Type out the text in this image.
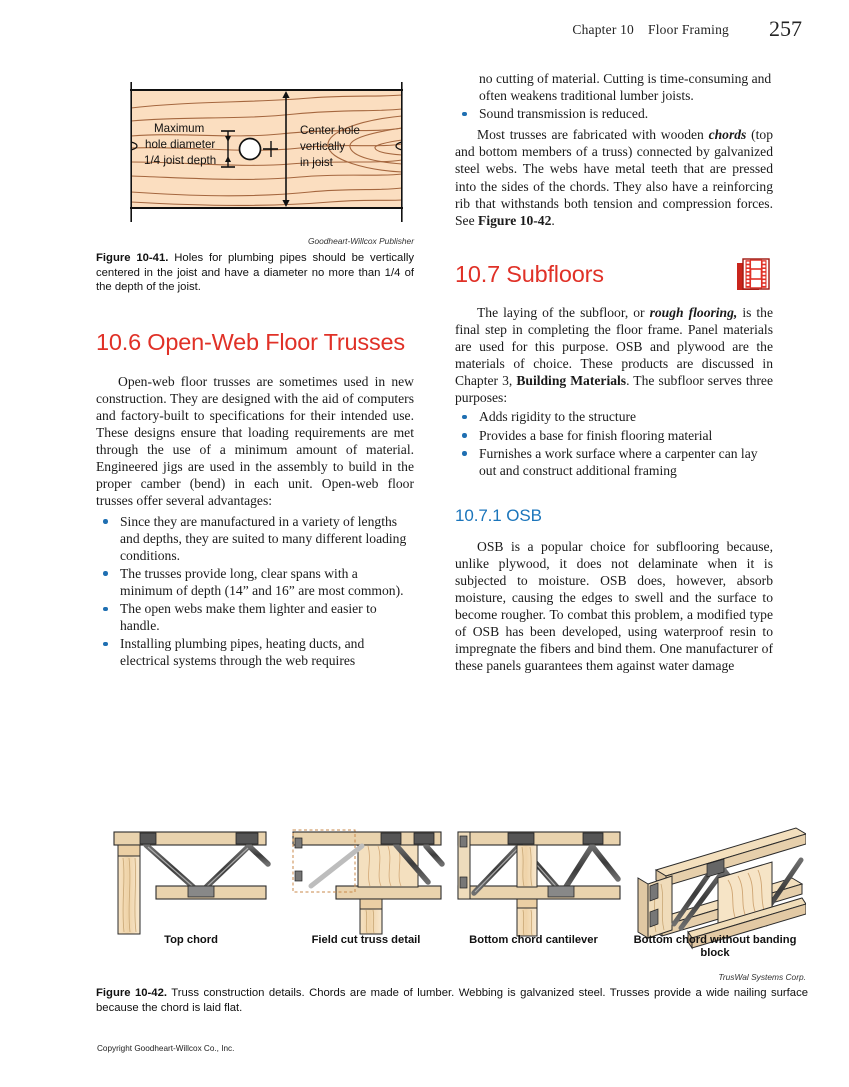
Chapter 10 Floor Framing 257
Maximum
hole diameter
1/4 joist depth
Center hole
vertically
in joist
Goodheart-Willcox Publisher
Figure 10-41. Holes for plumbing pipes should be vertically centered in the joist and have a diameter no more than 1/4 of the depth of the joist.
10.6 Open-Web Floor Trusses

Open-web floor trusses are sometimes used in new construction. They are designed with the aid of computers and factory-built to specifications for their intended use. These designs ensure that loading requirements are met through the use of a minimum amount of material. Engineered jigs are used in the assembly to build in the proper camber (bend) in each unit. Open-web floor trusses offer several advantages:

Since they are manufactured in a variety of lengths and depths, they are suited to many different loading conditions.
The trusses provide long, clear spans with a minimum of depth (14” and 16” are most common).
The open webs make them lighter and easier to handle.
Installing plumbing pipes, heating ducts, and electrical systems through the web requires
no cutting of material. Cutting is time-consuming and often weakens traditional lumber joists.
Sound transmission is reduced.

Most trusses are fabricated with wooden chords (top and bottom members of a truss) connected by galvanized steel webs. The webs have metal teeth that are pressed into the sides of the chords. They also have a reinforcing rib that withstands both tension and compression forces. See Figure 10-42.

10.7 Subfloors

The laying of the subfloor, or rough flooring, is the final step in completing the floor frame. Panel materials are used for this purpose. OSB and plywood are the materials of choice. These products are discussed in Chapter 3, Building Materials. The subfloor serves three purposes:

Adds rigidity to the structure
Provides a base for finish flooring material
Furnishes a work surface where a carpenter can lay out and construct additional framing
10.7.1 OSB

OSB is a popular choice for subflooring because, unlike plywood, it does not delaminate when it is subjected to moisture. OSB does, however, absorb moisture, causing the edges to swell and the surface to become rougher. To combat this problem, a modified type of OSB has been developed, using waterproof resin to impregnate the fibers and bind them. One manufacturer of these panels guarantees them against water damage

Top chord	Field cut truss detail	Bottom chord cantilever	Bottom chord without banding block
TrusWal Systems Corp.
Figure 10-42. Truss construction details. Chords are made of lumber. Webbing is galvanized steel. Trusses provide a wide nailing surface because the chord is laid flat.
Copyright Goodheart-Willcox Co., Inc.
